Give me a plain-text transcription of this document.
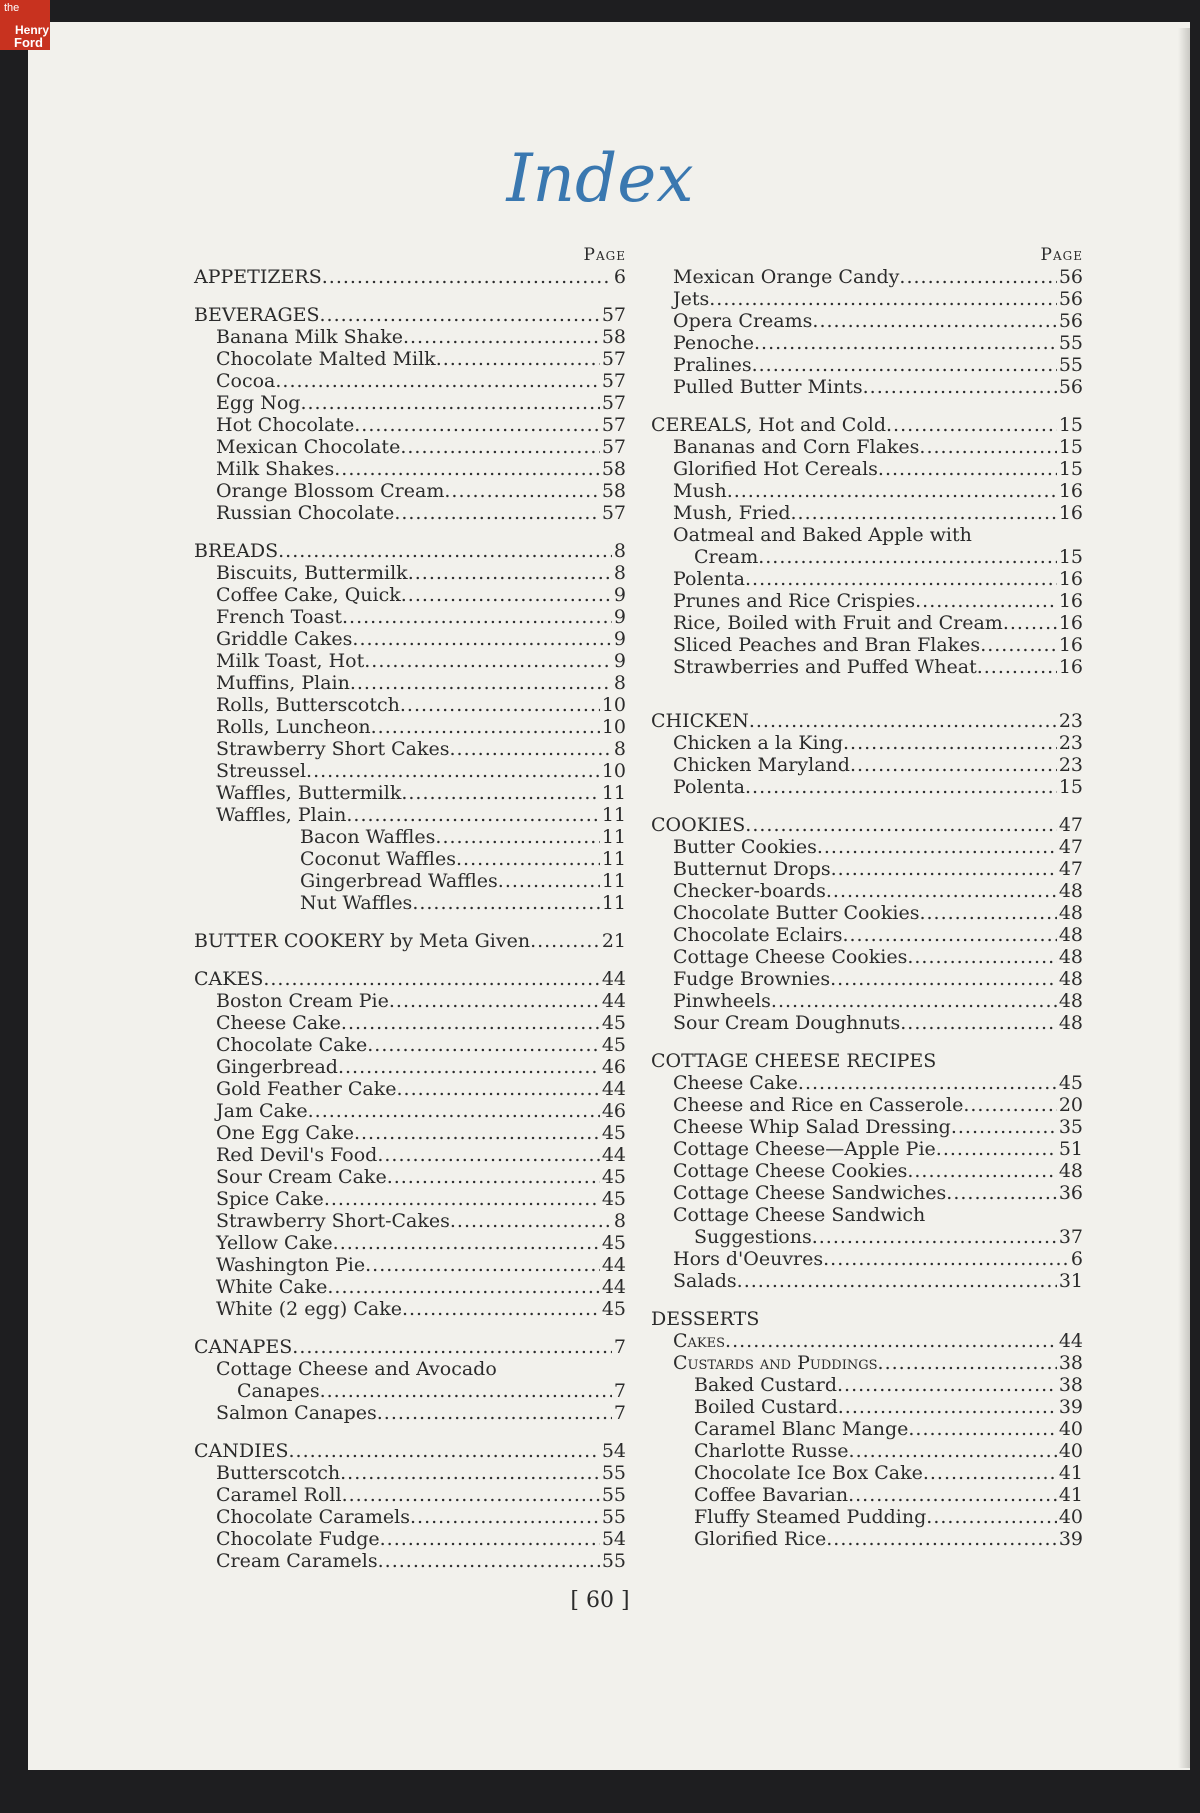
the
Henry
Ford
Index
Page
APPETIZERS .....	6
BEVERAGES .....	57
Banana Milk Shake .....	58
Chocolate Malted Milk .....	57
Cocoa .....	57
Egg Nog .....	57
Hot Chocolate .....	57
Mexican Chocolate .....	57
Milk Shakes .....	58
Orange Blossom Cream .....	58
Russian Chocolate .....	57
BREADS .....	8
Biscuits, Buttermilk .....	8
Coffee Cake, Quick .....	9
French Toast .....	9
Griddle Cakes .....	9
Milk Toast, Hot .....	9
Muffins, Plain .....	8
Rolls, Butterscotch .....	10
Rolls, Luncheon .....	10
Strawberry Short Cakes .....	8
Streussel .....	10
Waffles, Buttermilk .....	11
Waffles, Plain .....	11
Bacon Waffles .....	11
Coconut Waffles .....	11
Gingerbread Waffles .....	11
Nut Waffles .....	11
BUTTER COOKERY by Meta Given .....	21
CAKES .....	44
Boston Cream Pie .....	44
Cheese Cake .....	45
Chocolate Cake .....	45
Gingerbread .....	46
Gold Feather Cake .....	44
Jam Cake .....	46
One Egg Cake .....	45
Red Devil's Food .....	44
Sour Cream Cake .....	45
Spice Cake .....	45
Strawberry Short-Cakes .....	8
Yellow Cake .....	45
Washington Pie .....	44
White Cake .....	44
White (2 egg) Cake .....	45
CANAPES .....	7
Cottage Cheese and Avocado
Canapes .....	7
Salmon Canapes .....	7
CANDIES .....	54
Butterscotch .....	55
Caramel Roll .....	55
Chocolate Caramels .....	55
Chocolate Fudge .....	54
Cream Caramels .....	55
Page
Mexican Orange Candy .....	56
Jets .....	56
Opera Creams .....	56
Penoche .....	55
Pralines .....	55
Pulled Butter Mints .....	56
CEREALS, Hot and Cold .....	15
Bananas and Corn Flakes .....	15
Glorified Hot Cereals .....	15
Mush .....	16
Mush, Fried .....	16
Oatmeal and Baked Apple with
Cream .....	15
Polenta .....	16
Prunes and Rice Crispies .....	16
Rice, Boiled with Fruit and Cream .....	16
Sliced Peaches and Bran Flakes .....	16
Strawberries and Puffed Wheat .....	16
CHICKEN .....	23
Chicken a la King .....	23
Chicken Maryland .....	23
Polenta .....	15
COOKIES .....	47
Butter Cookies .....	47
Butternut Drops .....	47
Checker-boards .....	48
Chocolate Butter Cookies .....	48
Chocolate Eclairs .....	48
Cottage Cheese Cookies .....	48
Fudge Brownies .....	48
Pinwheels .....	48
Sour Cream Doughnuts .....	48
COTTAGE CHEESE RECIPES
Cheese Cake .....	45
Cheese and Rice en Casserole .....	20
Cheese Whip Salad Dressing .....	35
Cottage Cheese—Apple Pie .....	51
Cottage Cheese Cookies .....	48
Cottage Cheese Sandwiches .....	36
Cottage Cheese Sandwich
Suggestions .....	37
Hors d'Oeuvres .....	6
Salads .....	31
DESSERTS
Cakes .....	44
Custards and Puddings .....	38
Baked Custard .....	38
Boiled Custard .....	39
Caramel Blanc Mange .....	40
Charlotte Russe .....	40
Chocolate Ice Box Cake .....	41
Coffee Bavarian .....	41
Fluffy Steamed Pudding .....	40
Glorified Rice .....	39
[ 60 ]
